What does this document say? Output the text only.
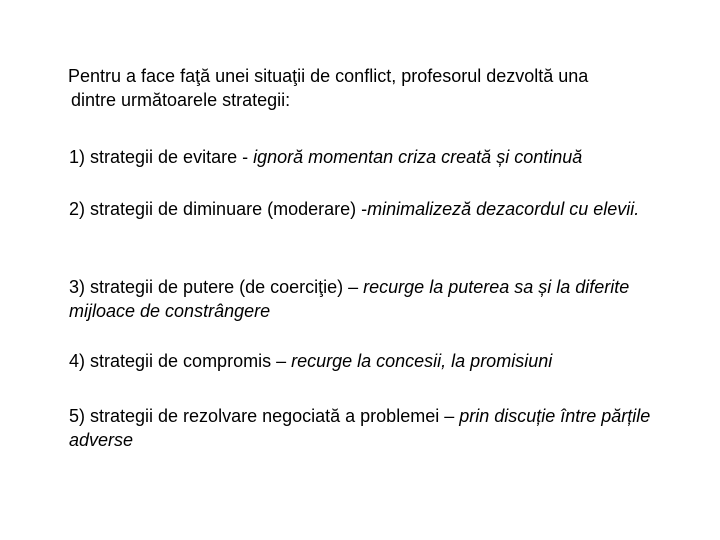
Pentru a face faţă unei situaţii de conflict, profesorul dezvoltă una
dintre următoarele strategii:
1) strategii de evitare - ignoră momentan criza creată și continuă
2) strategii de diminuare (moderare) -minimalizeză dezacordul cu elevii.
3) strategii de putere (de coerciţie) – recurge la puterea sa și la diferite mijloace de constrângere
4) strategii de compromis – recurge la concesii, la promisiuni
5) strategii de rezolvare negociată a problemei – prin discuție între părțile adverse
